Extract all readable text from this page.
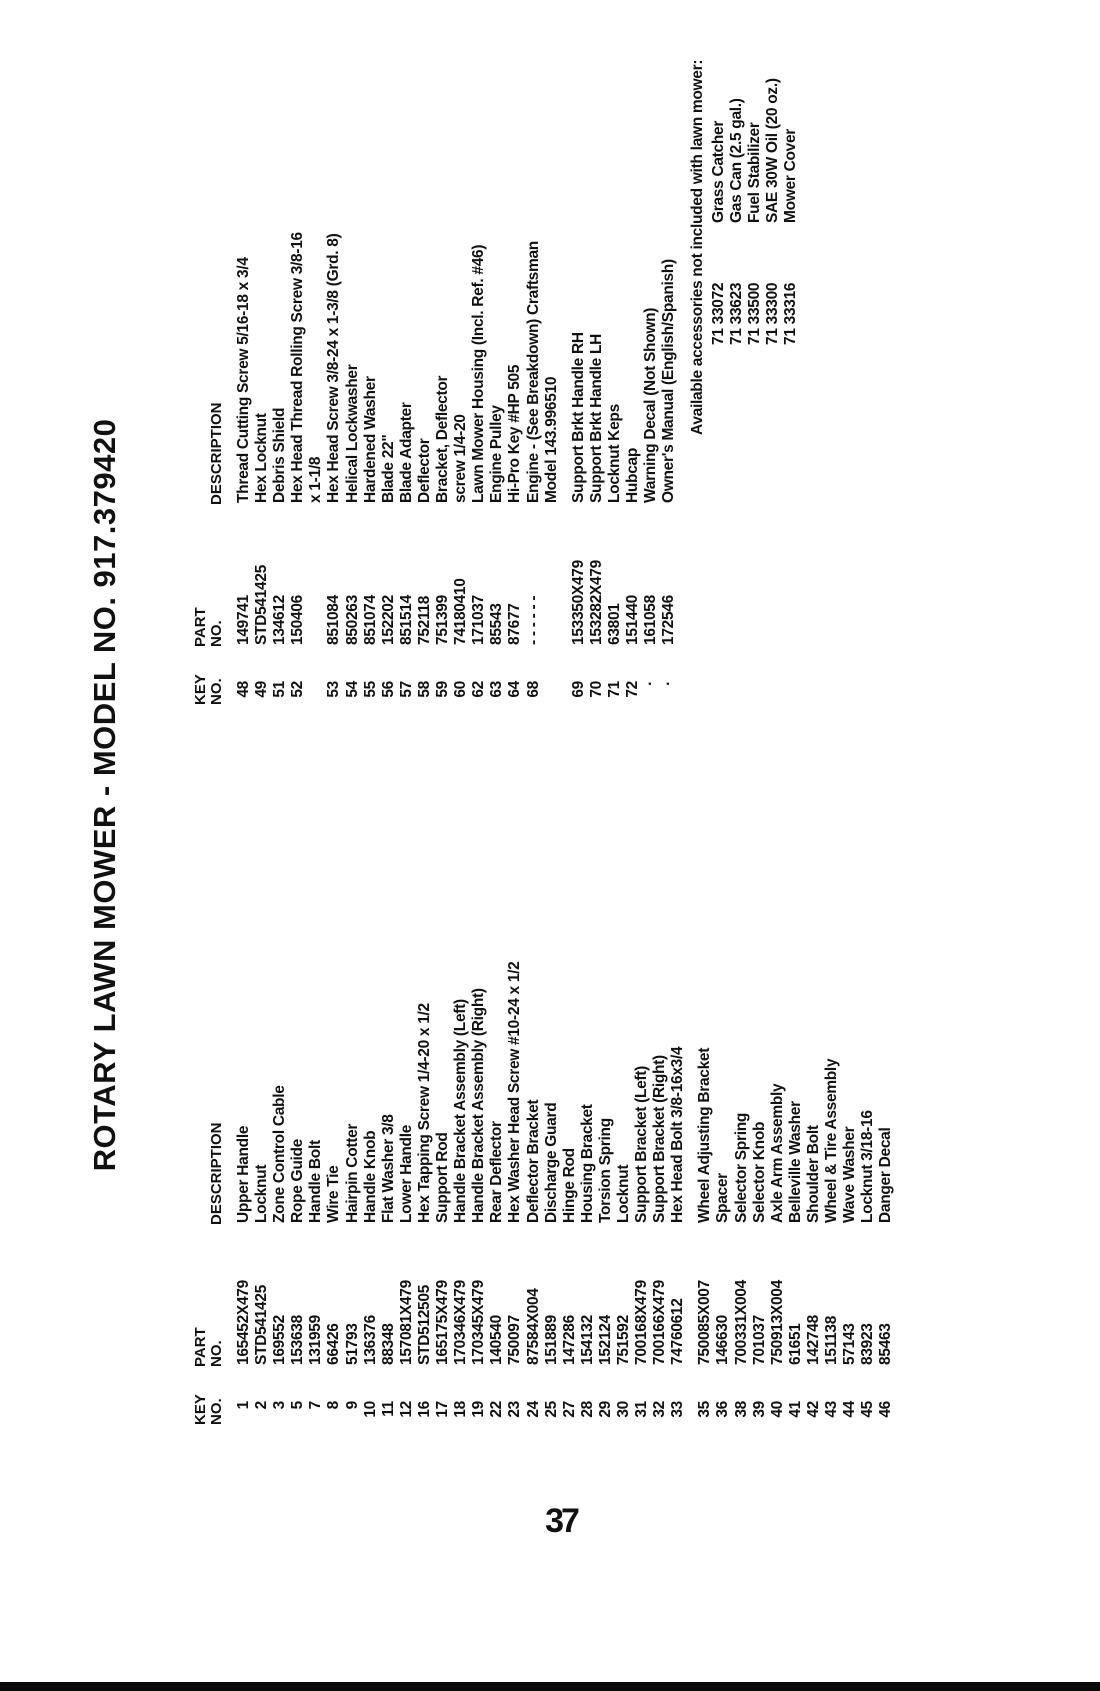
ROTARY LAWN MOWER - MODEL NO. 917.379420
KEY NO.
PART NO.
DESCRIPTION
1
165452X479
Upper Handle
2
STD541425
Locknut
3
169552
Zone Control Cable
5
153638
Rope Guide
7
131959
Handle Bolt
8
66426
Wire Tie
9
51793
Hairpin Cotter
10
136376
Handle Knob
11
88348
Flat Washer 3/8
12
157081X479
Lower Handle
16
STD512505
Hex Tapping Screw 1/4-20 x 1/2
17
165175X479
Support Rod
18
170346X479
Handle Bracket Assembly (Left)
19
170345X479
Handle Bracket Assembly (Right)
22
140540
Rear Deflector
23
750097
Hex Washer Head Screw #10-24 x 1/2
24
87584X004
Deflector Bracket
25
151889
Discharge Guard
27
147286
Hinge Rod
28
154132
Housing Bracket
29
152124
Torsion Spring
30
751592
Locknut
31
700168X479
Support Bracket (Left)
32
700166X479
Support Bracket (Right)
33
74760612
Hex Head Bolt 3/8-16x3/4
35
750085X007
Wheel Adjusting Bracket
36
146630
Spacer
38
700331X004
Selector Spring
39
701037
Selector Knob
40
750913X004
Axle Arm Assembly
41
61651
Belleville Washer
42
142748
Shoulder Bolt
43
151138
Wheel & Tire Assembly
44
57143
Wave Washer
45
83923
Locknut 3/18-16
46
85463
Danger Decal
KEY NO.
PART NO.
DESCRIPTION
48
149741
Thread Cutting Screw 5/16-18 x 3/4
49
STD541425
Hex Locknut
51
134612
Debris Shield
52
150406
Hex Head Thread Rolling Screw 3/8-16 x 1-1/8
53
851084
Hex Head Screw 3/8-24 x 1-3/8 (Grd. 8)
54
850263
Helical Lockwasher
55
851074
Hardened Washer
56
152202
Blade 22"
57
851514
Blade Adapter
58
752118
Deflector
59
751399
Bracket, Deflector
60
74180410
screw 1/4-20
62
171037
Lawn Mower Housing (Incl. Ref. #46)
63
85543
Engine Pulley
64
87677
Hi-Pro Key #HP 505
68
- - - - - -
Engine - (See Breakdown) Craftsman Model 143.996510
69
153350X479
Support Brkt Handle RH
70
153282X479
Support Brkt Handle LH
71
63801
Locknut Keps
72
151440
Hubcap
·
161058
Warning Decal (Not Shown)
·
172546
Owner's Manual (English/Spanish) Available accessories not included with lawn mower: 71 33072
Grass Catcher
71 33623
Gas Can (2.5 gal.)
71 33500
Fuel Stabilizer
71 33300
SAE 30W Oil (20 oz.)
71 33316
Mower Cover
37
